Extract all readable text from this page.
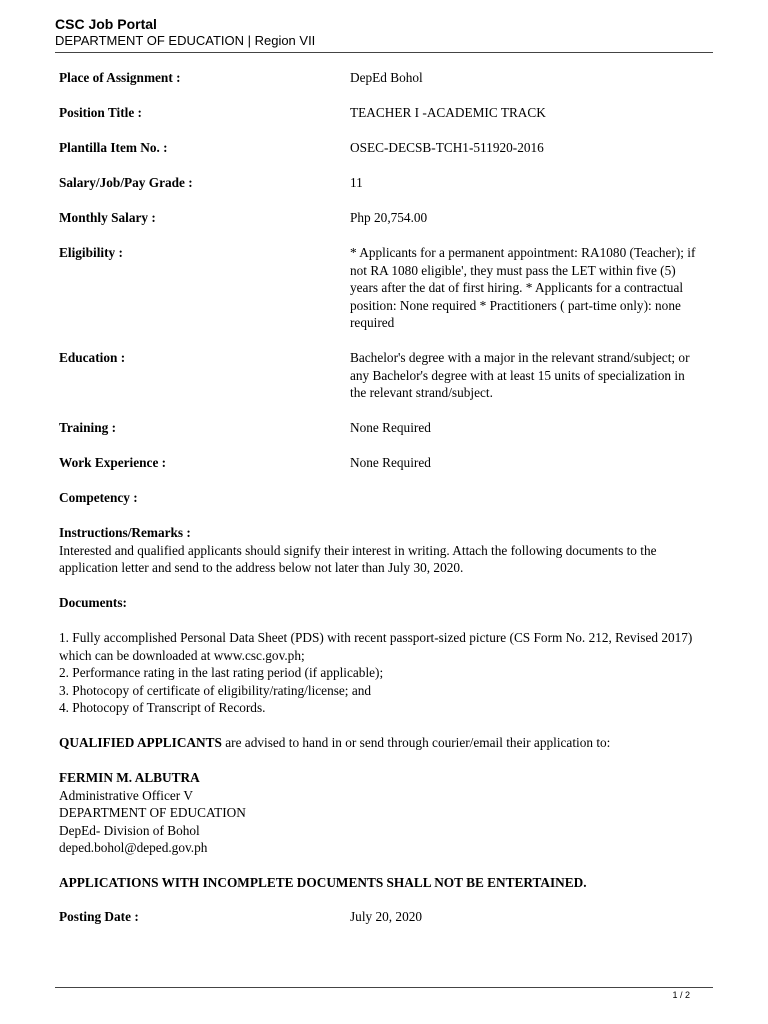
CSC Job Portal
DEPARTMENT OF EDUCATION | Region VII
Place of Assignment :	DepEd Bohol
Position Title :	TEACHER I -ACADEMIC TRACK
Plantilla Item No. :	OSEC-DECSB-TCH1-511920-2016
Salary/Job/Pay Grade :	11
Monthly Salary :	Php 20,754.00
Eligibility :	* Applicants for a permanent appointment: RA1080 (Teacher); if not RA 1080 eligible', they must pass the LET within five (5) years after the dat of first hiring. * Applicants for a contractual position: None required * Practitioners ( part-time only): none required
Education :	Bachelor's degree with a major in the relevant strand/subject; or any Bachelor's degree with at least 15 units of specialization in the relevant strand/subject.
Training :	None Required
Work Experience :	None Required
Competency :
Instructions/Remarks :
Interested and qualified applicants should signify their interest in writing. Attach the following documents to the application letter and send to the address below not later than July 30, 2020.
Documents:
1. Fully accomplished Personal Data Sheet (PDS) with recent passport-sized picture (CS Form No. 212, Revised 2017) which can be downloaded at www.csc.gov.ph;
2. Performance rating in the last rating period (if applicable);
3. Photocopy of certificate of eligibility/rating/license; and
4. Photocopy of Transcript of Records.
QUALIFIED APPLICANTS are advised to hand in or send through courier/email their application to:
FERMIN M. ALBUTRA
Administrative Officer V
DEPARTMENT OF EDUCATION
DepEd- Division of Bohol
deped.bohol@deped.gov.ph
APPLICATIONS WITH INCOMPLETE DOCUMENTS SHALL NOT BE ENTERTAINED.
Posting Date :	July 20, 2020
1 / 2
